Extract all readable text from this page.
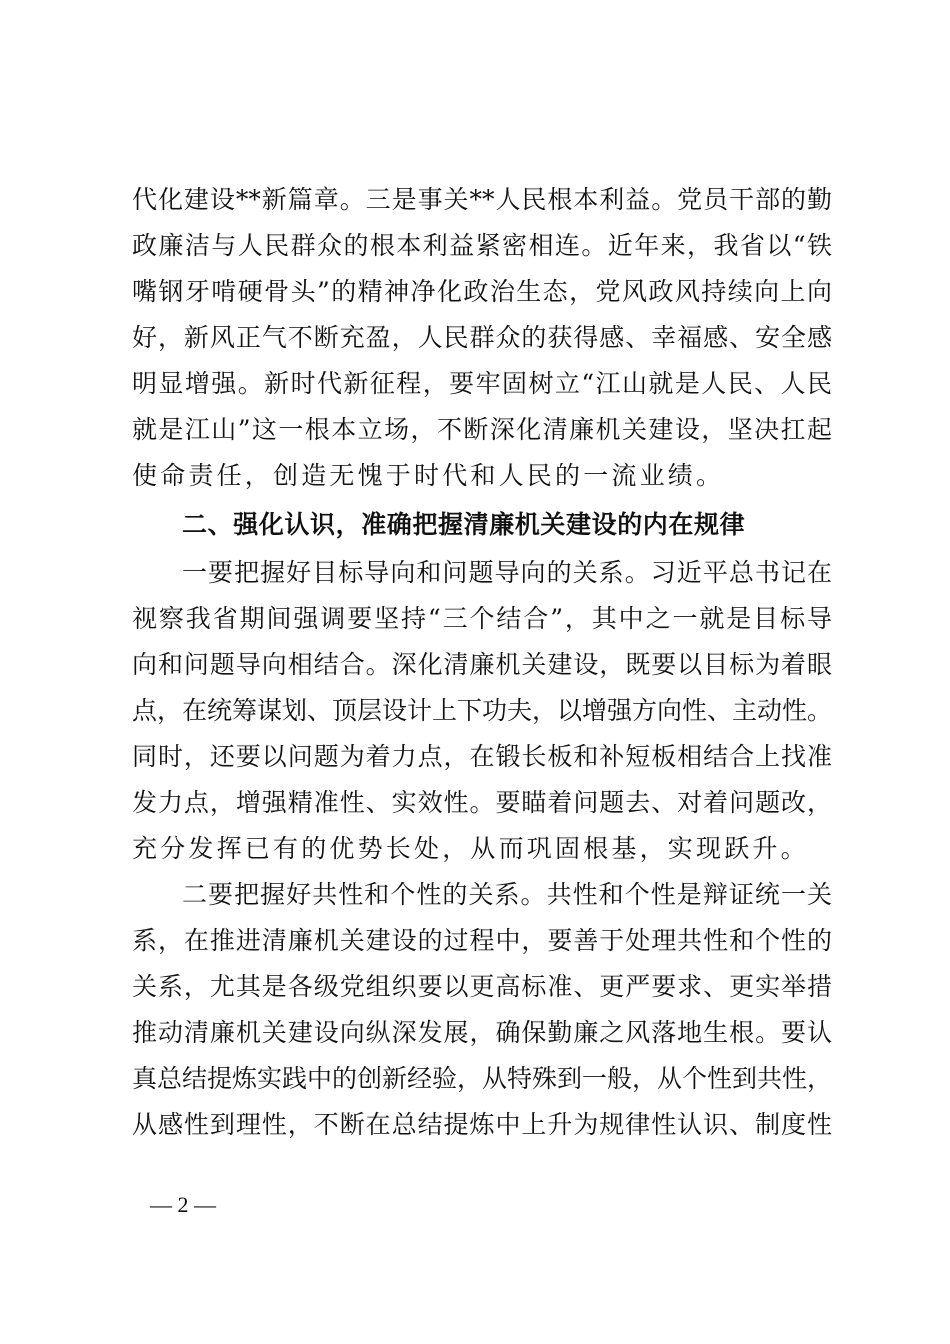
代化建设**新篇章。三是事关**人民根本利益。党员干部的勤
政廉洁与人民群众的根本利益紧密相连。近年来，我省以“铁
嘴钢牙啃硬骨头”的精神净化政治生态，党风政风持续向上向
好，新风正气不断充盈，人民群众的获得感、幸福感、安全感
明显增强。新时代新征程，要牢固树立“江山就是人民、人民
就是江山”这一根本立场，不断深化清廉机关建设，坚决扛起
使命责任，创造无愧于时代和人民的一流业绩。
二、强化认识，准确把握清廉机关建设的内在规律
一要把握好目标导向和问题导向的关系。习近平总书记在
视察我省期间强调要坚持“三个结合”，其中之一就是目标导
向和问题导向相结合。深化清廉机关建设，既要以目标为着眼
点，在统筹谋划、顶层设计上下功夫，以增强方向性、主动性。
同时，还要以问题为着力点，在锻长板和补短板相结合上找准
发力点，增强精准性、实效性。要瞄着问题去、对着问题改，
充分发挥已有的优势长处，从而巩固根基，实现跃升。
二要把握好共性和个性的关系。共性和个性是辩证统一关
系，在推进清廉机关建设的过程中，要善于处理共性和个性的
关系，尤其是各级党组织要以更高标准、更严要求、更实举措
推动清廉机关建设向纵深发展，确保勤廉之风落地生根。要认
真总结提炼实践中的创新经验，从特殊到一般，从个性到共性，
从感性到理性，不断在总结提炼中上升为规律性认识、制度性
— 2 —
